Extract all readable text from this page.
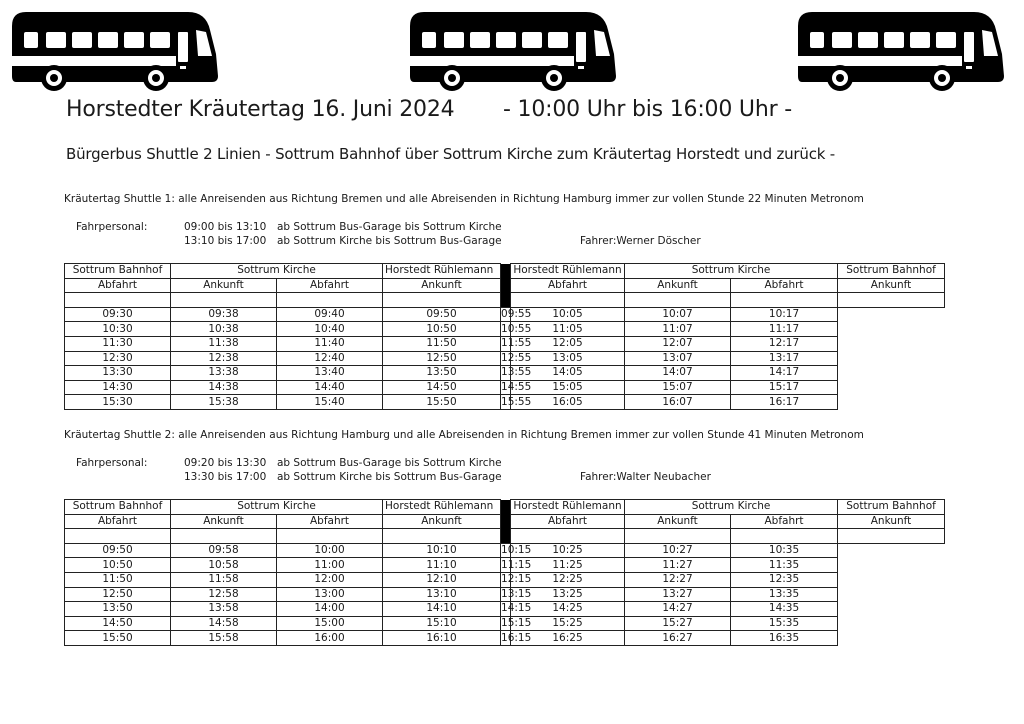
Horstedter Kräutertag 16. Juni 2024 - 10:00 Uhr bis 16:00 Uhr -
Bürgerbus Shuttle 2 Linien - Sottrum Bahnhof über Sottrum Kirche zum Kräutertag Horstedt und zurück -
Kräutertag Shuttle 1: alle Anreisenden aus Richtung Bremen und alle Abreisenden in Richtung Hamburg immer zur vollen Stunde 22 Minuten Metronom
Fahrpersonal:	09:00 bis 13:10 ab Sottrum Bus-Garage bis Sottrum Kirche
13:10 bis 17:00 ab Sottrum Kirche bis Sottrum Bus-Garage	Fahrer:Werner Döscher
Sottrum Bahnhof	Sottrum Kirche		Horstedt Rühlemann		Horstedt Rühlemann	Sottrum Kirche		Sottrum Bahnhof
Abfahrt	Ankunft	Abfahrt	Ankunft		Abfahrt	Ankunft	Abfahrt	Ankunft

09:30	09:38	09:40	09:50	09:55	10:05	10:07	10:17	
10:30	10:38	10:40	10:50	10:55	11:05	11:07	11:17	
11:30	11:38	11:40	11:50	11:55	12:05	12:07	12:17	
12:30	12:38	12:40	12:50	12:55	13:05	13:07	13:17	
13:30	13:38	13:40	13:50	13:55	14:05	14:07	14:17	
14:30	14:38	14:40	14:50	14:55	15:05	15:07	15:17	
15:30	15:38	15:40	15:50	15:55	16:05	16:07	16:17	
Kräutertag Shuttle 2: alle Anreisenden aus Richtung Hamburg und alle Abreisenden in Richtung Bremen immer zur vollen Stunde 41 Minuten Metronom
Fahrpersonal:	09:20 bis 13:30 ab Sottrum Bus-Garage bis Sottrum Kirche
13:30 bis 17:00 ab Sottrum Kirche bis Sottrum Bus-Garage	Fahrer:Walter Neubacher
Sottrum Bahnhof	Sottrum Kirche		Horstedt Rühlemann		Horstedt Rühlemann	Sottrum Kirche		Sottrum Bahnhof
Abfahrt	Ankunft	Abfahrt	Ankunft		Abfahrt	Ankunft	Abfahrt	Ankunft

09:50	09:58	10:00	10:10	10:15	10:25	10:27	10:35	
10:50	10:58	11:00	11:10	11:15	11:25	11:27	11:35	
11:50	11:58	12:00	12:10	12:15	12:25	12:27	12:35	
12:50	12:58	13:00	13:10	13:15	13:25	13:27	13:35	
13:50	13:58	14:00	14:10	14:15	14:25	14:27	14:35	
14:50	14:58	15:00	15:10	15:15	15:25	15:27	15:35	
15:50	15:58	16:00	16:10	16:15	16:25	16:27	16:35	
